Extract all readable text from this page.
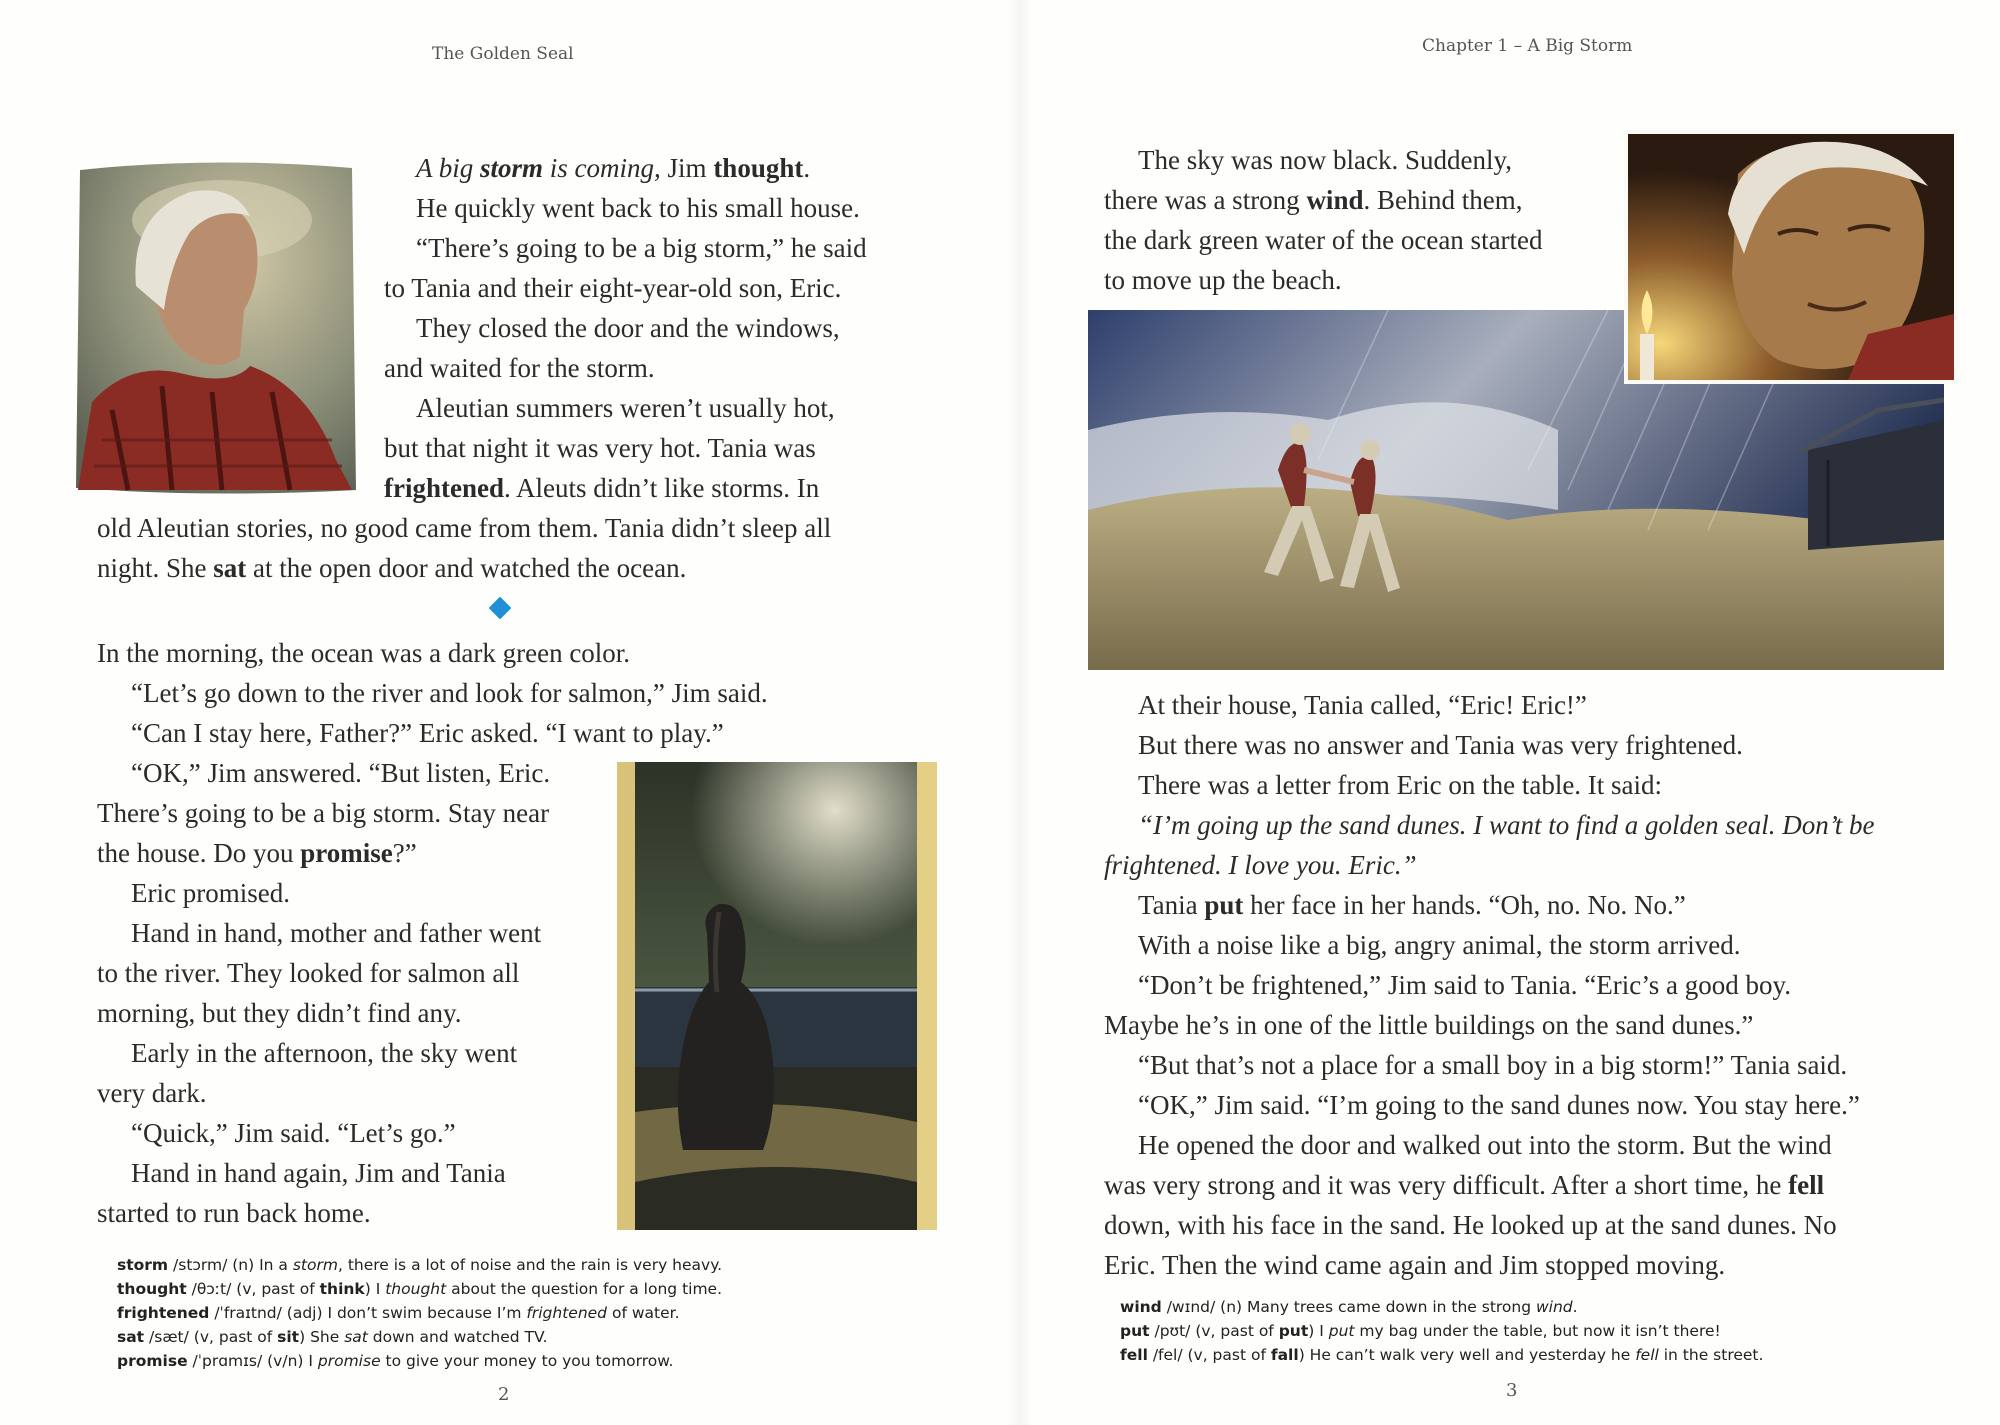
The Golden Seal
A big storm is coming, Jim thought.
He quickly went back to his small house.
“There’s going to be a big storm,” he said
to Tania and their eight-year-old son, Eric.
They closed the door and the windows,
and waited for the storm.
Aleutian summers weren’t usually hot,
but that night it was very hot. Tania was
frightened. Aleuts didn’t like storms. In
old Aleutian stories, no good came from them. Tania didn’t sleep all
night. She sat at the open door and watched the ocean.
In the morning, the ocean was a dark green color.
“Let’s go down to the river and look for salmon,” Jim said.
“Can I stay here, Father?” Eric asked. “I want to play.”
“OK,” Jim answered. “But listen, Eric.
There’s going to be a big storm. Stay near
the house. Do you promise?”
Eric promised.
Hand in hand, mother and father went
to the river. They looked for salmon all
morning, but they didn’t find any.
Early in the afternoon, the sky went
very dark.
“Quick,” Jim said. “Let’s go.”
Hand in hand again, Jim and Tania
started to run back home.
storm /stɔrm/ (n) In a storm, there is a lot of noise and the rain is very heavy.
thought /θɔːt/ (v, past of think) I thought about the question for a long time.
frightened /ˈfraɪtnd/ (adj) I don’t swim because I’m frightened of water.
sat /sæt/ (v, past of sit) She sat down and watched TV.
promise /ˈprɑmɪs/ (v/n) I promise to give your money to you tomorrow.
2
Chapter 1 – A Big Storm
The sky was now black. Suddenly,
there was a strong wind. Behind them,
the dark green water of the ocean started
to move up the beach.
At their house, Tania called, “Eric! Eric!”
But there was no answer and Tania was very frightened.
There was a letter from Eric on the table. It said:
“I’m going up the sand dunes. I want to find a golden seal. Don’t be
frightened. I love you. Eric.”
Tania put her face in her hands. “Oh, no. No. No.”
With a noise like a big, angry animal, the storm arrived.
“Don’t be frightened,” Jim said to Tania. “Eric’s a good boy.
Maybe he’s in one of the little buildings on the sand dunes.”
“But that’s not a place for a small boy in a big storm!” Tania said.
“OK,” Jim said. “I’m going to the sand dunes now. You stay here.”
He opened the door and walked out into the storm. But the wind
was very strong and it was very difficult. After a short time, he fell
down, with his face in the sand. He looked up at the sand dunes. No
Eric. Then the wind came again and Jim stopped moving.
wind /wɪnd/ (n) Many trees came down in the strong wind.
put /pʊt/ (v, past of put) I put my bag under the table, but now it isn’t there!
fell /fel/ (v, past of fall) He can’t walk very well and yesterday he fell in the street.
3
